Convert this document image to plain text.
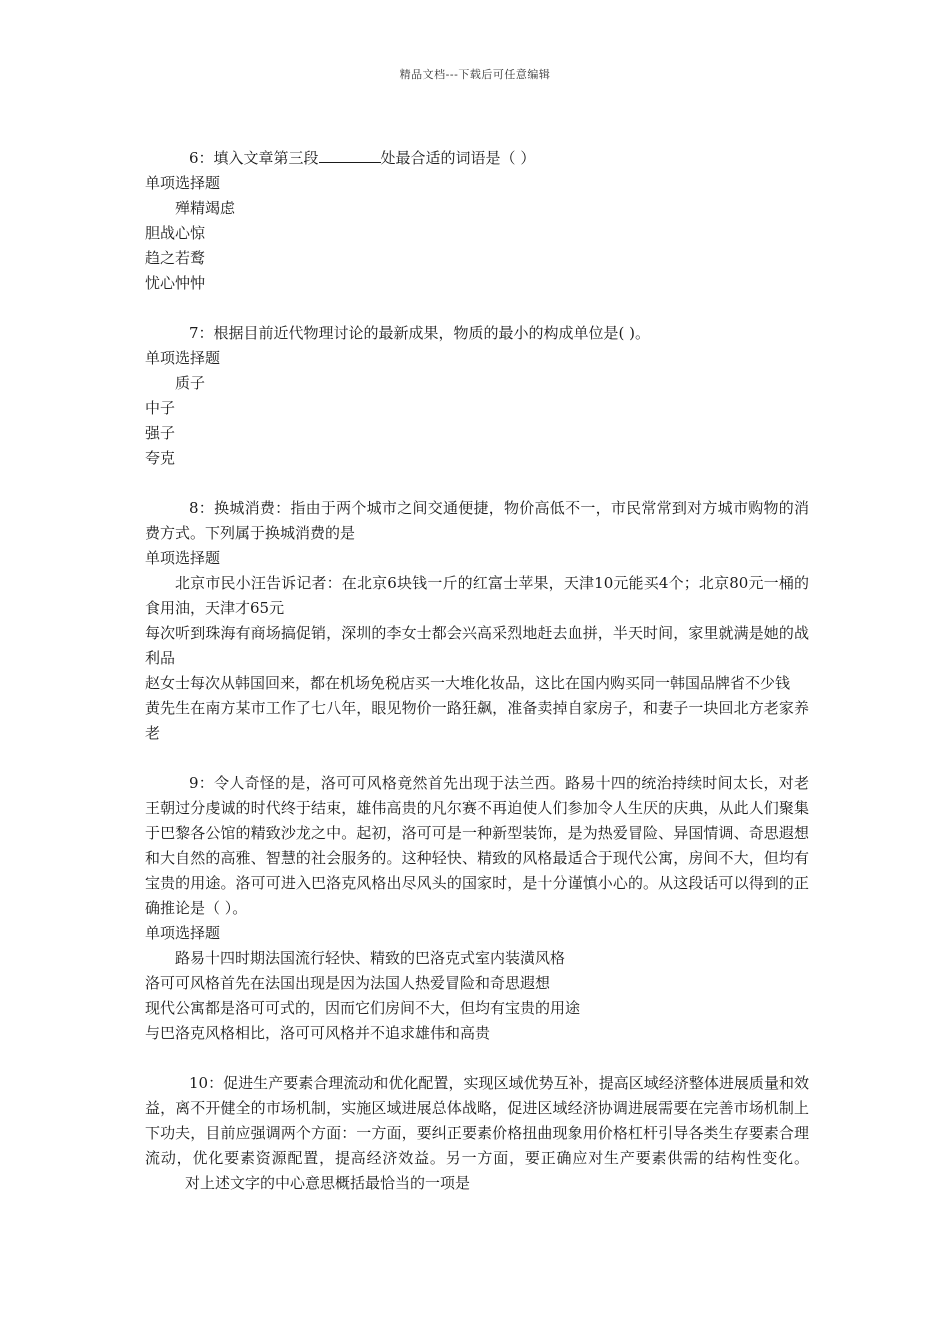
精品文档---下载后可任意编辑
6：填入文章第三段	处最合适的词语是（ ）
单项选择题
殚精竭虑
胆战心惊
趋之若鹜
忧心忡忡
7：根据目前近代物理讨论的最新成果，物质的最小的构成单位是( )。
单项选择题
质子
中子
强子
夸克
8：换城消费：指由于两个城市之间交通便捷，物价高低不一，市民常常到对方城市购物的消费方式。下列属于换城消费的是
单项选择题
北京市民小汪告诉记者：在北京6块钱一斤的红富士苹果，天津10元能买4个；北京80元一桶的食用油，天津才65元
每次听到珠海有商场搞促销，深圳的李女士都会兴高采烈地赶去血拼，半天时间，家里就满是她的战利品
赵女士每次从韩国回来，都在机场免税店买一大堆化妆品，这比在国内购买同一韩国品牌省不少钱
黄先生在南方某市工作了七八年，眼见物价一路狂飙，准备卖掉自家房子，和妻子一块回北方老家养老
9：令人奇怪的是，洛可可风格竟然首先出现于法兰西。路易十四的统治持续时间太长，对老王朝过分虔诚的时代终于结束，雄伟高贵的凡尔赛不再迫使人们参加令人生厌的庆典，从此人们聚集于巴黎各公馆的精致沙龙之中。起初，洛可可是一种新型装饰，是为热爱冒险、异国情调、奇思遐想和大自然的高雅、智慧的社会服务的。这种轻快、精致的风格最适合于现代公寓，房间不大，但均有宝贵的用途。洛可可进入巴洛克风格出尽风头的国家时，是十分谨慎小心的。从这段话可以得到的正确推论是（ ）。
单项选择题
路易十四时期法国流行轻快、精致的巴洛克式室内装潢风格
洛可可风格首先在法国出现是因为法国人热爱冒险和奇思遐想
现代公寓都是洛可可式的，因而它们房间不大，但均有宝贵的用途
与巴洛克风格相比，洛可可风格并不追求雄伟和高贵
10：促进生产要素合理流动和优化配置，实现区域优势互补，提高区域经济整体进展质量和效益，离不开健全的市场机制，实施区域进展总体战略，促进区域经济协调进展需要在完善市场机制上下功夫，目前应强调两个方面：一方面，要纠正要素价格扭曲现象用价格杠杆引导各类生存要素合理流动，优化要素资源配置，提高经济效益。另一方面，要正确应对生产要素供需的结构性变化。对上述文字的中心意思概括最恰当的一项是
